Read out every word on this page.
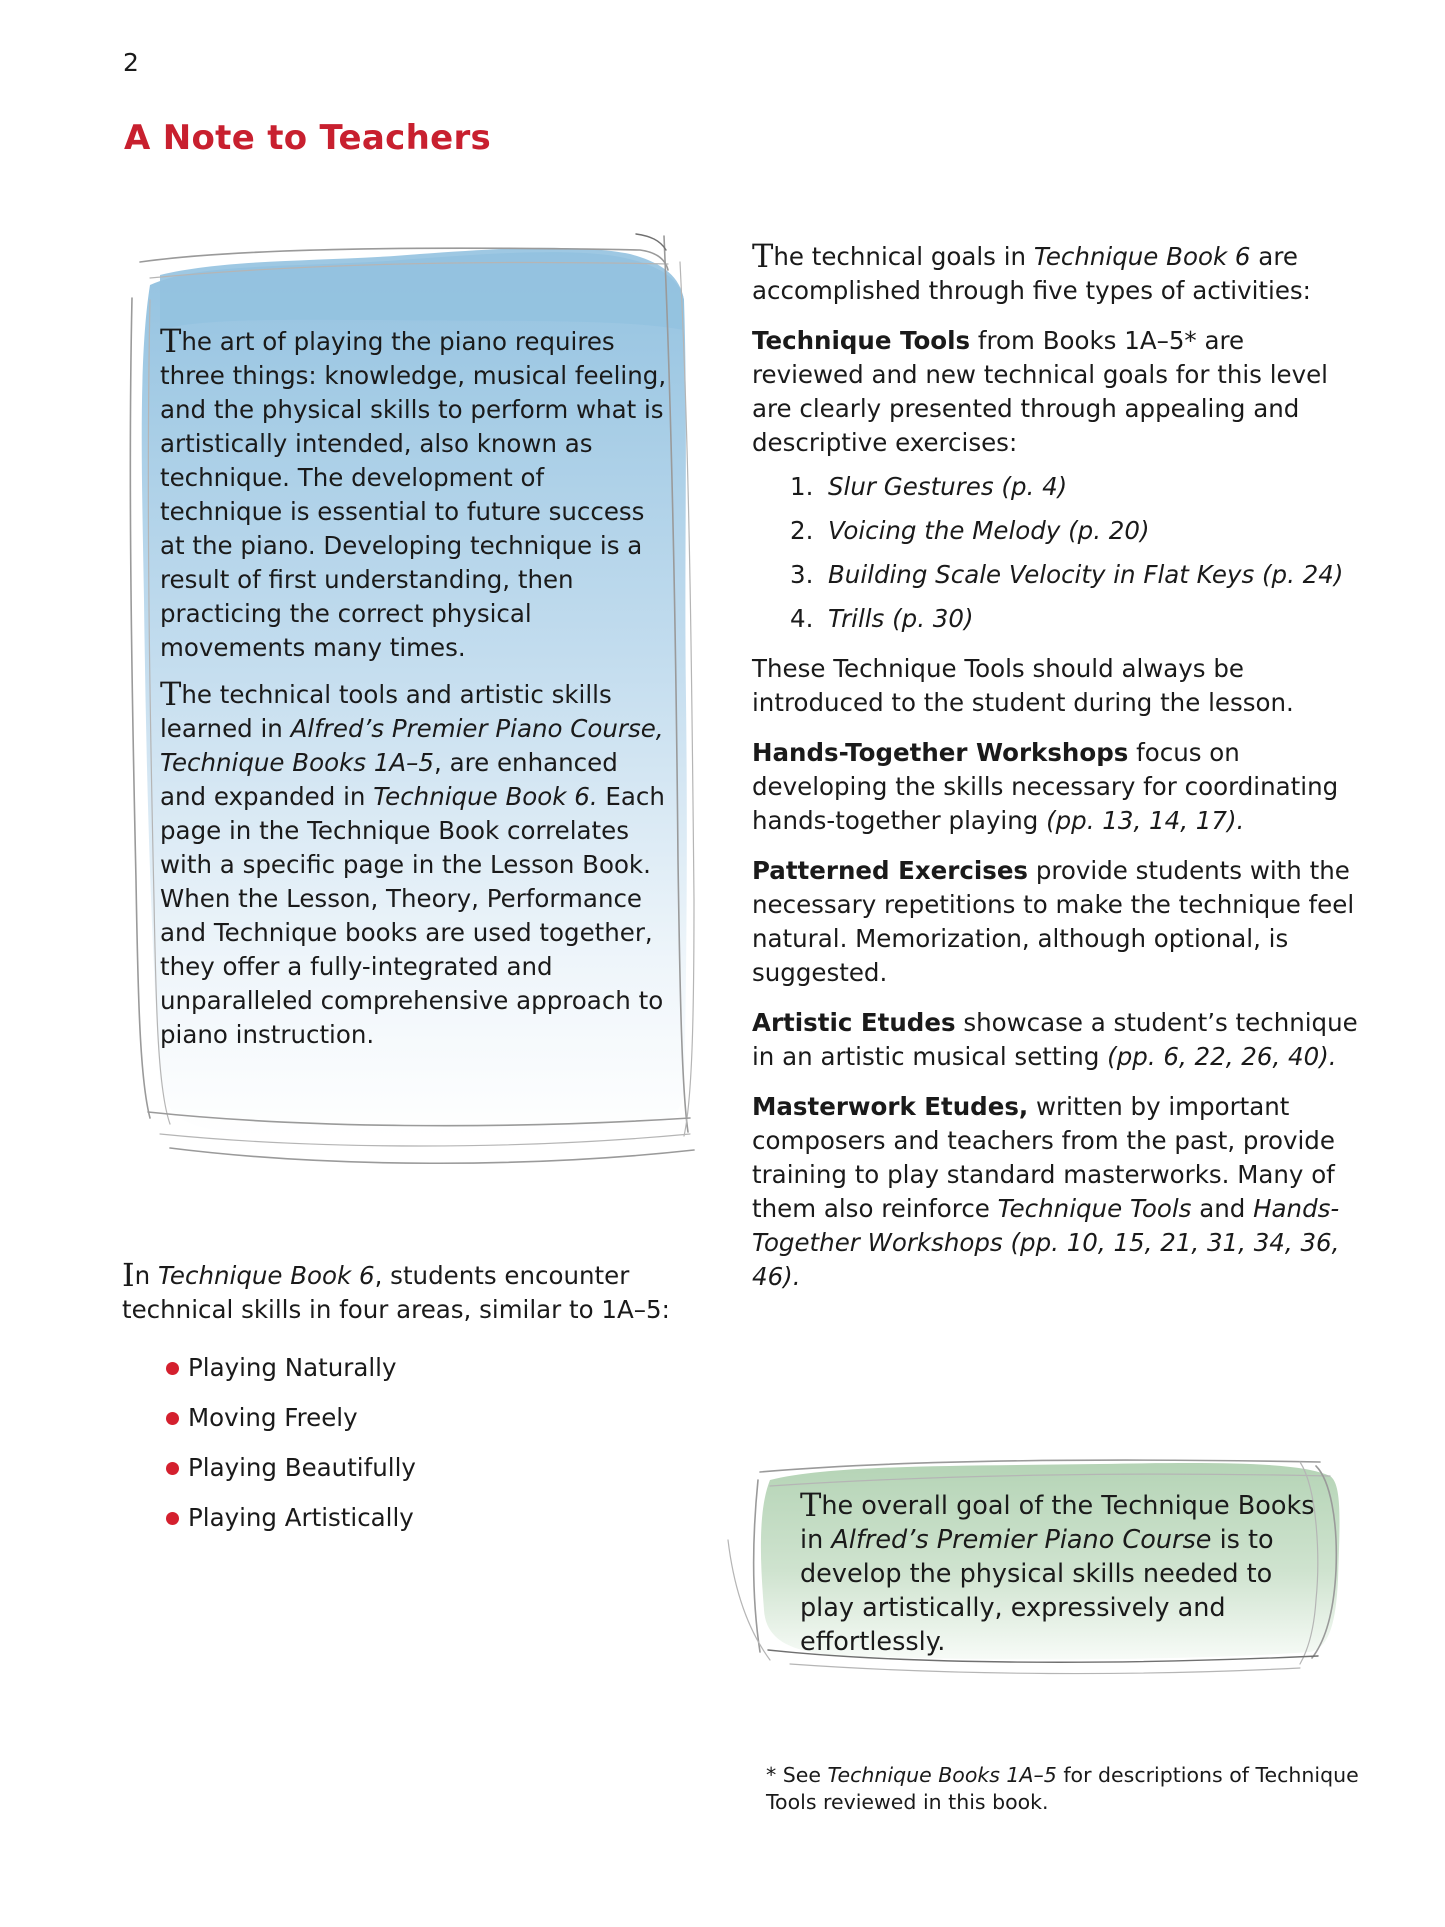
2
A Note to Teachers

The art of playing the piano requires three things: knowledge, musical feeling, and the physical skills to perform what is artistically intended, also known as technique. The development of technique is essential to future success at the piano. Developing technique is a result of first understanding, then practicing the correct physical movements many times.

The technical tools and artistic skills learned in Alfred’s Premier Piano Course, Technique Books 1A–5, are enhanced and expanded in Technique Book 6. Each page in the Technique Book correlates with a specific page in the Lesson Book. When the Lesson, Theory, Performance and Technique books are used together, they offer a fully-integrated and unparalleled comprehensive approach to piano instruction.

In Technique Book 6, students encounter technical skills in four areas, similar to 1A–5:

Playing Naturally
Moving Freely
Playing Beautifully
Playing Artistically

The technical goals in Technique Book 6 are accomplished through five types of activities:

Technique Tools from Books 1A–5* are reviewed and new technical goals for this level are clearly presented through appealing and descriptive exercises:

1. Slur Gestures (p. 4)
2. Voicing the Melody (p. 20)
3. Building Scale Velocity in Flat Keys (p. 24)
4. Trills (p. 30)

These Technique Tools should always be introduced to the student during the lesson.

Hands-Together Workshops focus on developing the skills necessary for coordinating hands-together playing (pp. 13, 14, 17).

Patterned Exercises provide students with the necessary repetitions to make the technique feel natural. Memorization, although optional, is suggested.

Artistic Etudes showcase a student’s technique in an artistic musical setting (pp. 6, 22, 26, 40).

Masterwork Etudes, written by important composers and teachers from the past, provide training to play standard masterworks. Many of them also reinforce Technique Tools and Hands-Together Workshops (pp. 10, 15, 21, 31, 34, 36, 46).

The overall goal of the Technique Books in Alfred’s Premier Piano Course is to develop the physical skills needed to play artistically, expressively and effortlessly.

* See Technique Books 1A–5 for descriptions of Technique Tools reviewed in this book.
